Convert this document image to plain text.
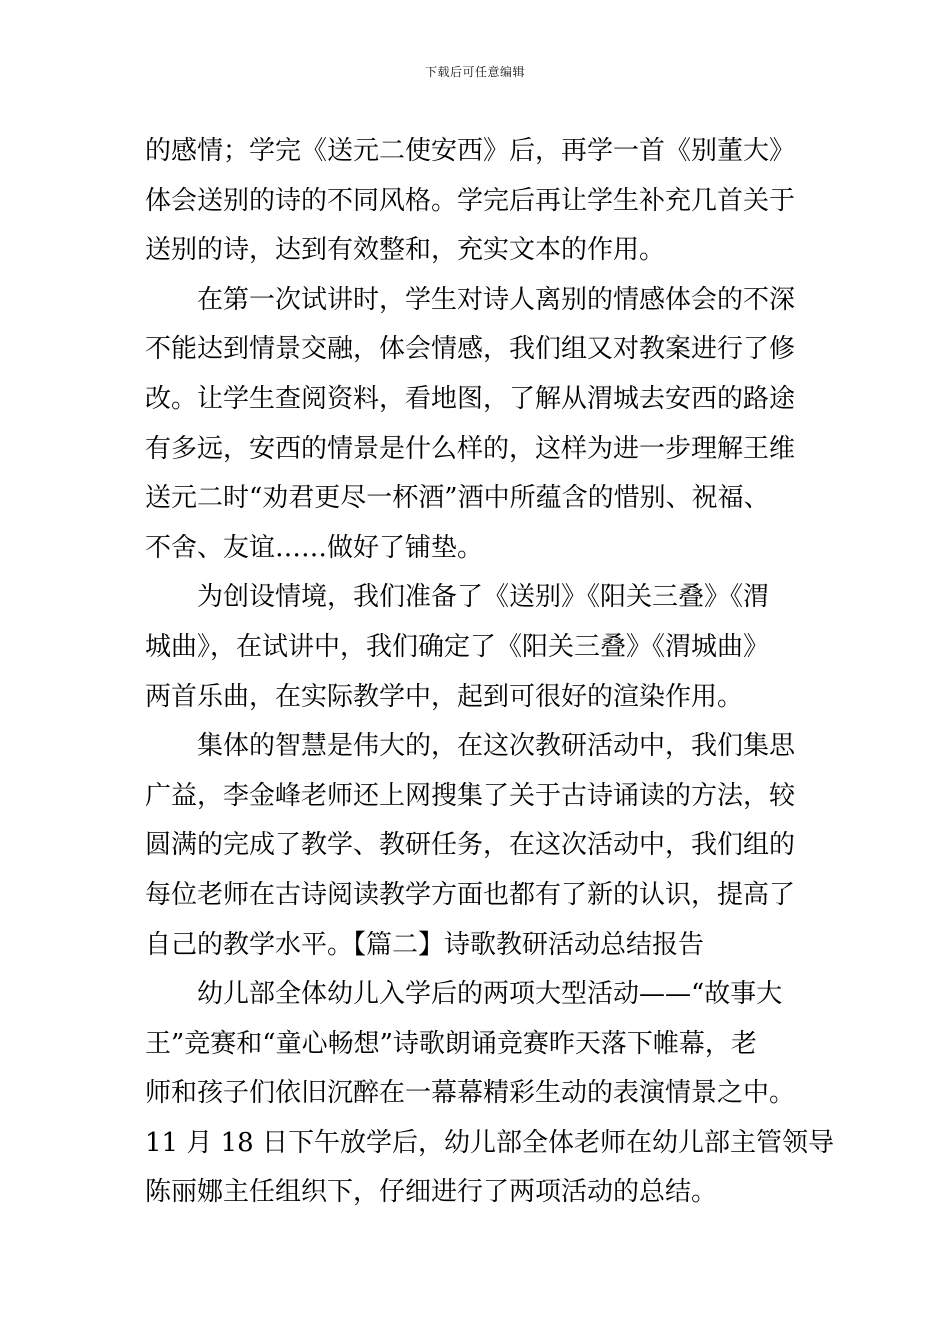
下载后可任意编辑
的感情；学完《送元二使安西》后，再学一首《别董大》
体会送别的诗的不同风格。学完后再让学生补充几首关于
送别的诗，达到有效整和，充实文本的作用。
　　在第一次试讲时，学生对诗人离别的情感体会的不深
不能达到情景交融，体会情感，我们组又对教案进行了修
改。让学生查阅资料，看地图，了解从渭城去安西的路途
有多远，安西的情景是什么样的，这样为进一步理解王维
送元二时“劝君更尽一杯酒”酒中所蕴含的惜别、祝福、
不舍、友谊……做好了铺垫。
　　为创设情境，我们准备了《送别》《阳关三叠》《渭
城曲》，在试讲中，我们确定了《阳关三叠》《渭城曲》
两首乐曲，在实际教学中，起到可很好的渲染作用。
　　集体的智慧是伟大的，在这次教研活动中，我们集思
广益，李金峰老师还上网搜集了关于古诗诵读的方法，较
圆满的完成了教学、教研任务，在这次活动中，我们组的
每位老师在古诗阅读教学方面也都有了新的认识，提高了
自己的教学水平。【篇二】诗歌教研活动总结报告
　　幼儿部全体幼儿入学后的两项大型活动——“故事大
王”竞赛和“童心畅想”诗歌朗诵竞赛昨天落下帷幕，老
师和孩子们依旧沉醉在一幕幕精彩生动的表演情景之中。
11 月 18 日下午放学后，幼儿部全体老师在幼儿部主管领导
陈丽娜主任组织下，仔细进行了两项活动的总结。
